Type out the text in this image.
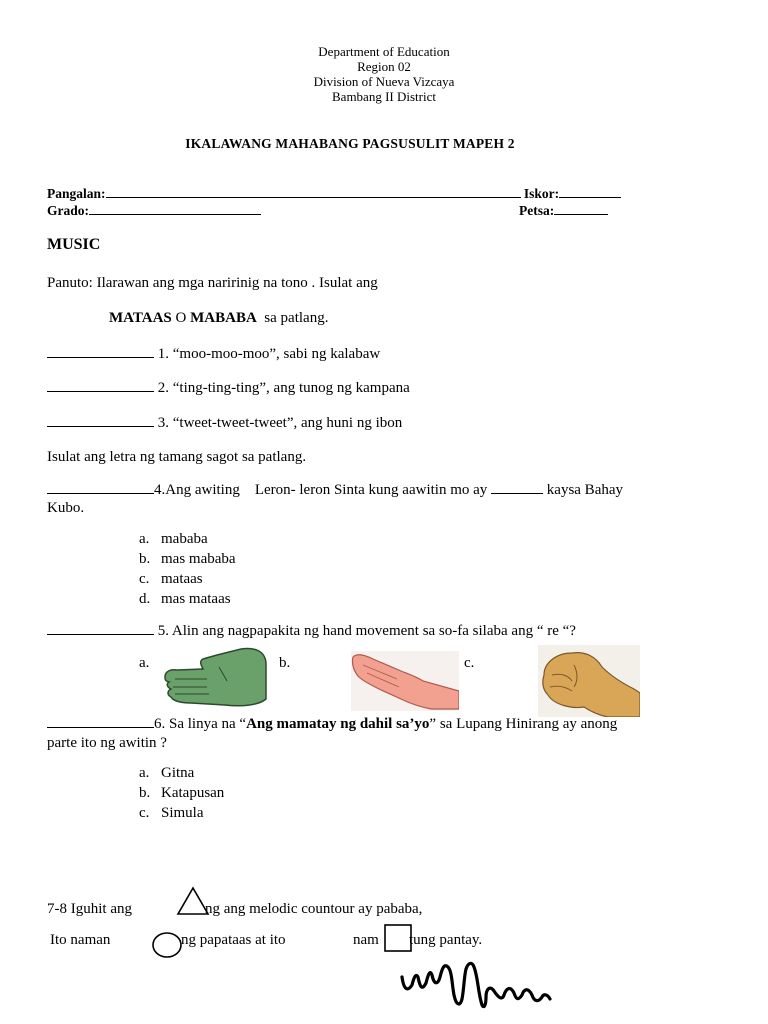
Department of Education
Region 02
Division of Nueva Vizcaya
Bambang II District
IKALAWANG MAHABANG PAGSUSULIT MAPEH 2
Pangalan:	Iskor:
Grado:	Petsa:
MUSIC
Panuto: Ilarawan ang mga naririnig na tono . Isulat ang
MATAAS O MABABA sa patlang.
1. “moo-moo-moo”, sabi ng kalabaw
2. “ting-ting-ting”, ang tunog ng kampana
3. “tweet-tweet-tweet”, ang huni ng ibon
Isulat ang letra ng tamang sagot sa patlang.
4.Ang awiting Leron- leron Sinta kung aawitin mo ay	kaysa Bahay
Kubo.
a. mababa
b. mas mababa
c. mataas
d. mas mataas
5. Alin ang nagpapakita ng hand movement sa so-fa silaba ang “ re “?
a.	b.	c.
6. Sa linya na “Ang mamatay ng dahil sa’yo” sa Lupang Hinirang ay anong
parte ito ng awitin ?
a. Gitna
b. Katapusan
c. Simula
7-8 Iguhit ang	ng ang melodic countour ay pababa,
Ito naman	ng papataas at ito	nam tung pantay.
